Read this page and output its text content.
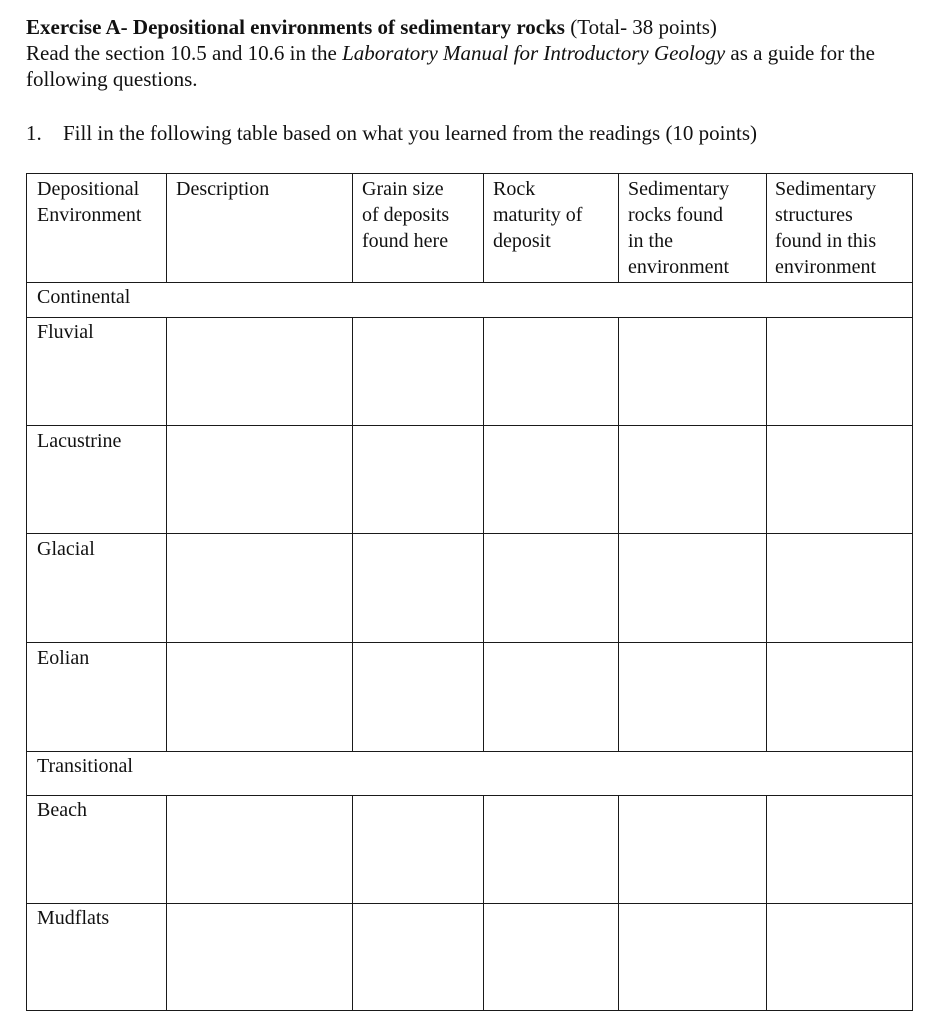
Exercise A- Depositional environments of sedimentary rocks (Total- 38 points)

Read the section 10.5 and 10.6 in the Laboratory Manual for Introductory Geology as a guide for the following questions.

1. Fill in the following table based on what you learned from the readings (10 points)
Depositional
Environment
Description	Grain size
of deposits
found here
Rock
maturity of
deposit
Sedimentary
rocks found
in the
environment
Sedimentary
structures
found in this
environment
Continental
Fluvial
Lacustrine
Glacial
Eolian
Transitional
Beach
Mudflats
